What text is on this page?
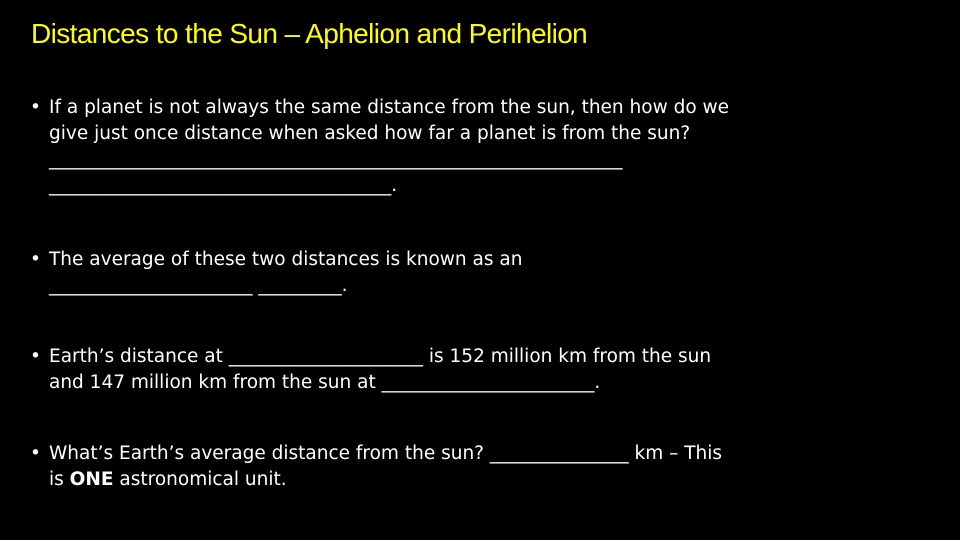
Distances to the Sun – Aphelion and Perihelion
• If a planet is not always the same distance from the sun, then how do we
give just once distance when asked how far a planet is from the sun?
______________________________________________________________
_____________________________________.
• The average of these two distances is known as an
______________________ _________.
• Earth’s distance at _____________________ is 152 million km from the sun
and 147 million km from the sun at _______________________.
• What’s Earth’s average distance from the sun? _______________ km – This
is ONE astronomical unit.
